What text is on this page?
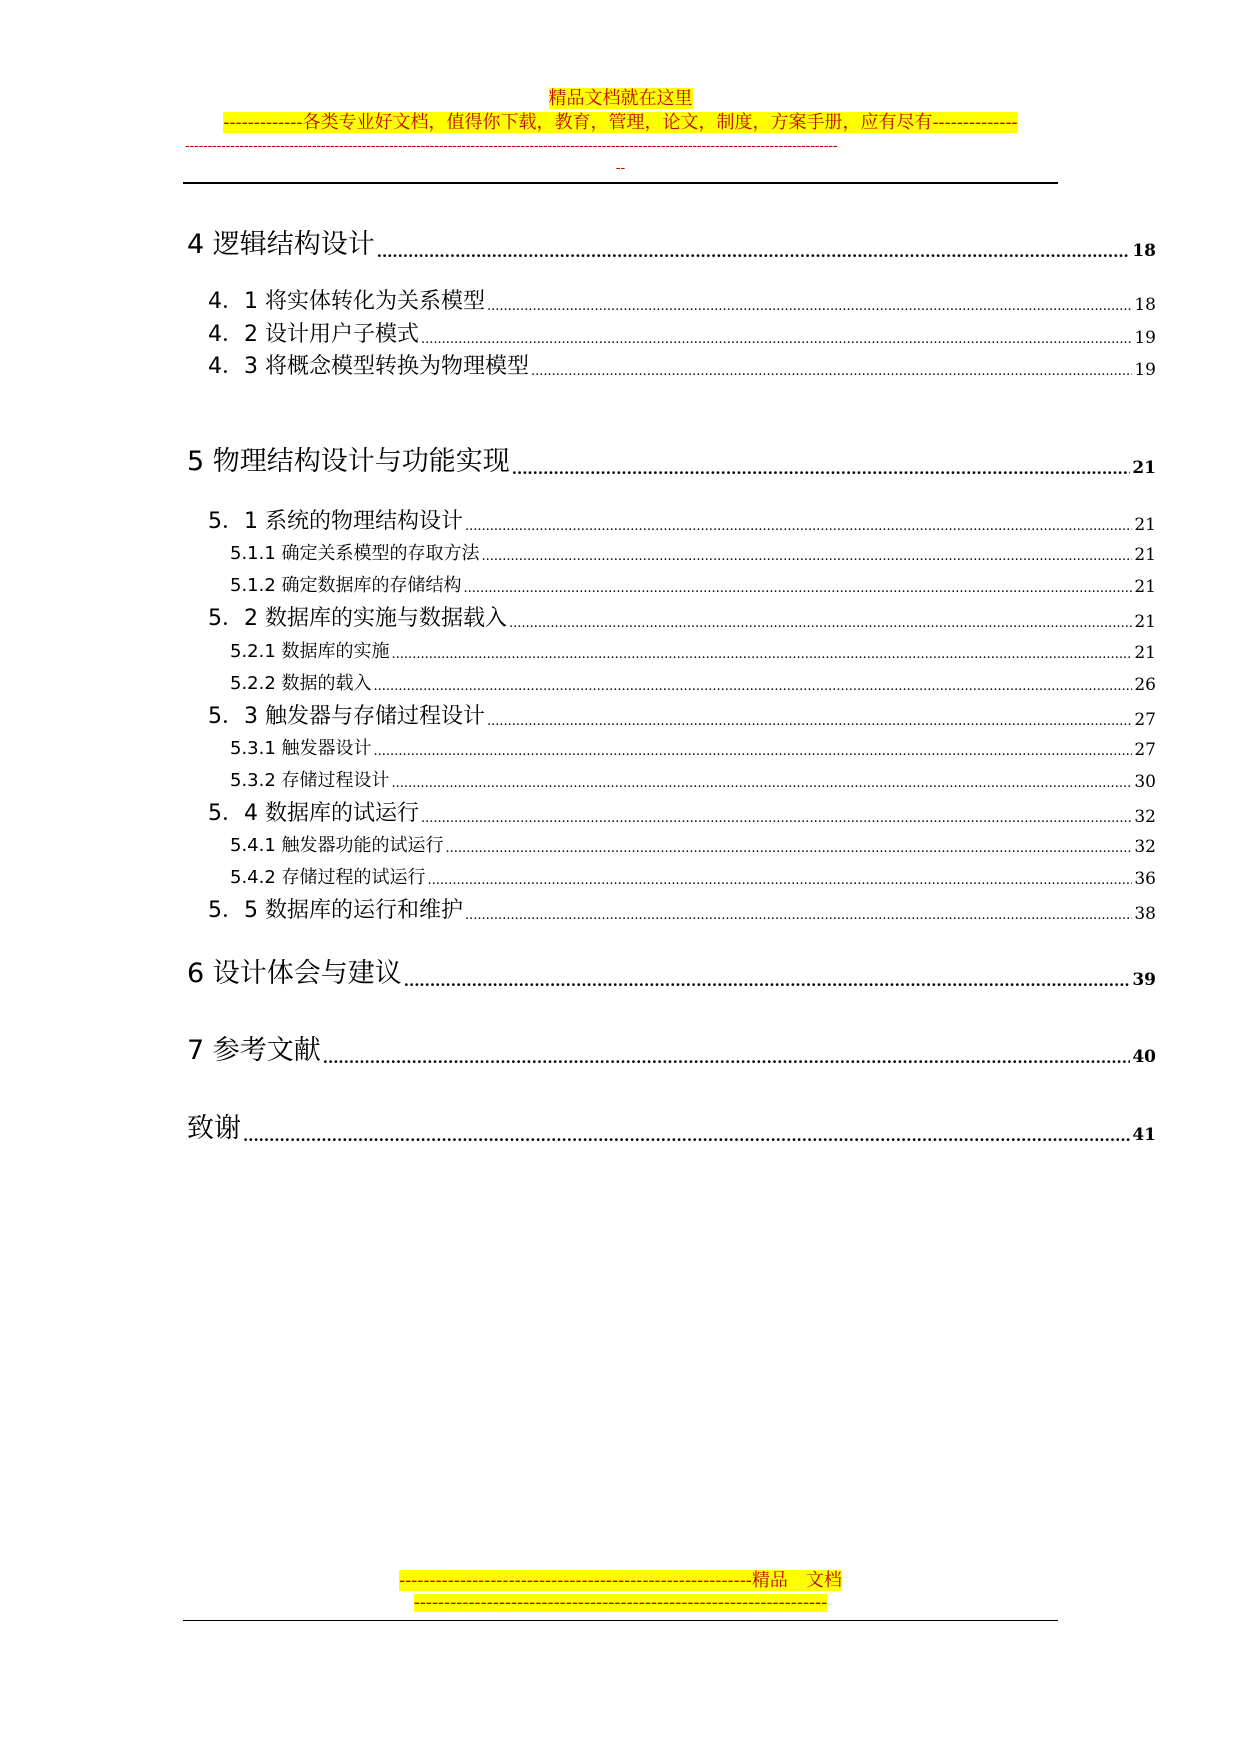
精品文档就在这里
-------------各类专业好文档，值得你下载，教育，管理，论文，制度，方案手册，应有尽有--------------
------------------------------------------------------------------------------------------------------------------------------------------------
--
4 逻辑结构设计 .....	18
4．1 将实体转化为关系模型 .....	18
4．2 设计用户子模式 .....	19
4．3 将概念模型转换为物理模型 .....	19
5 物理结构设计与功能实现 .....	21
5．1 系统的物理结构设计 .....	21
5.1.1 确定关系模型的存取方法 .....	21
5.1.2 确定数据库的存储结构 .....	21
5．2 数据库的实施与数据载入 .....	21
5.2.1 数据库的实施 .....	21
5.2.2 数据的载入 .....	26
5．3 触发器与存储过程设计 .....	27
5.3.1 触发器设计 .....	27
5.3.2 存储过程设计 .....	30
5．4 数据库的试运行 .....	32
5.4.1 触发器功能的试运行 .....	32
5.4.2 存储过程的试运行 .....	36
5．5 数据库的运行和维护 .....	38
6 设计体会与建议 .....	39
7 参考文献 .....	40
致谢 .....	41
----------------------------------------------------------精品　文档
--------------------------------------------------------------------
